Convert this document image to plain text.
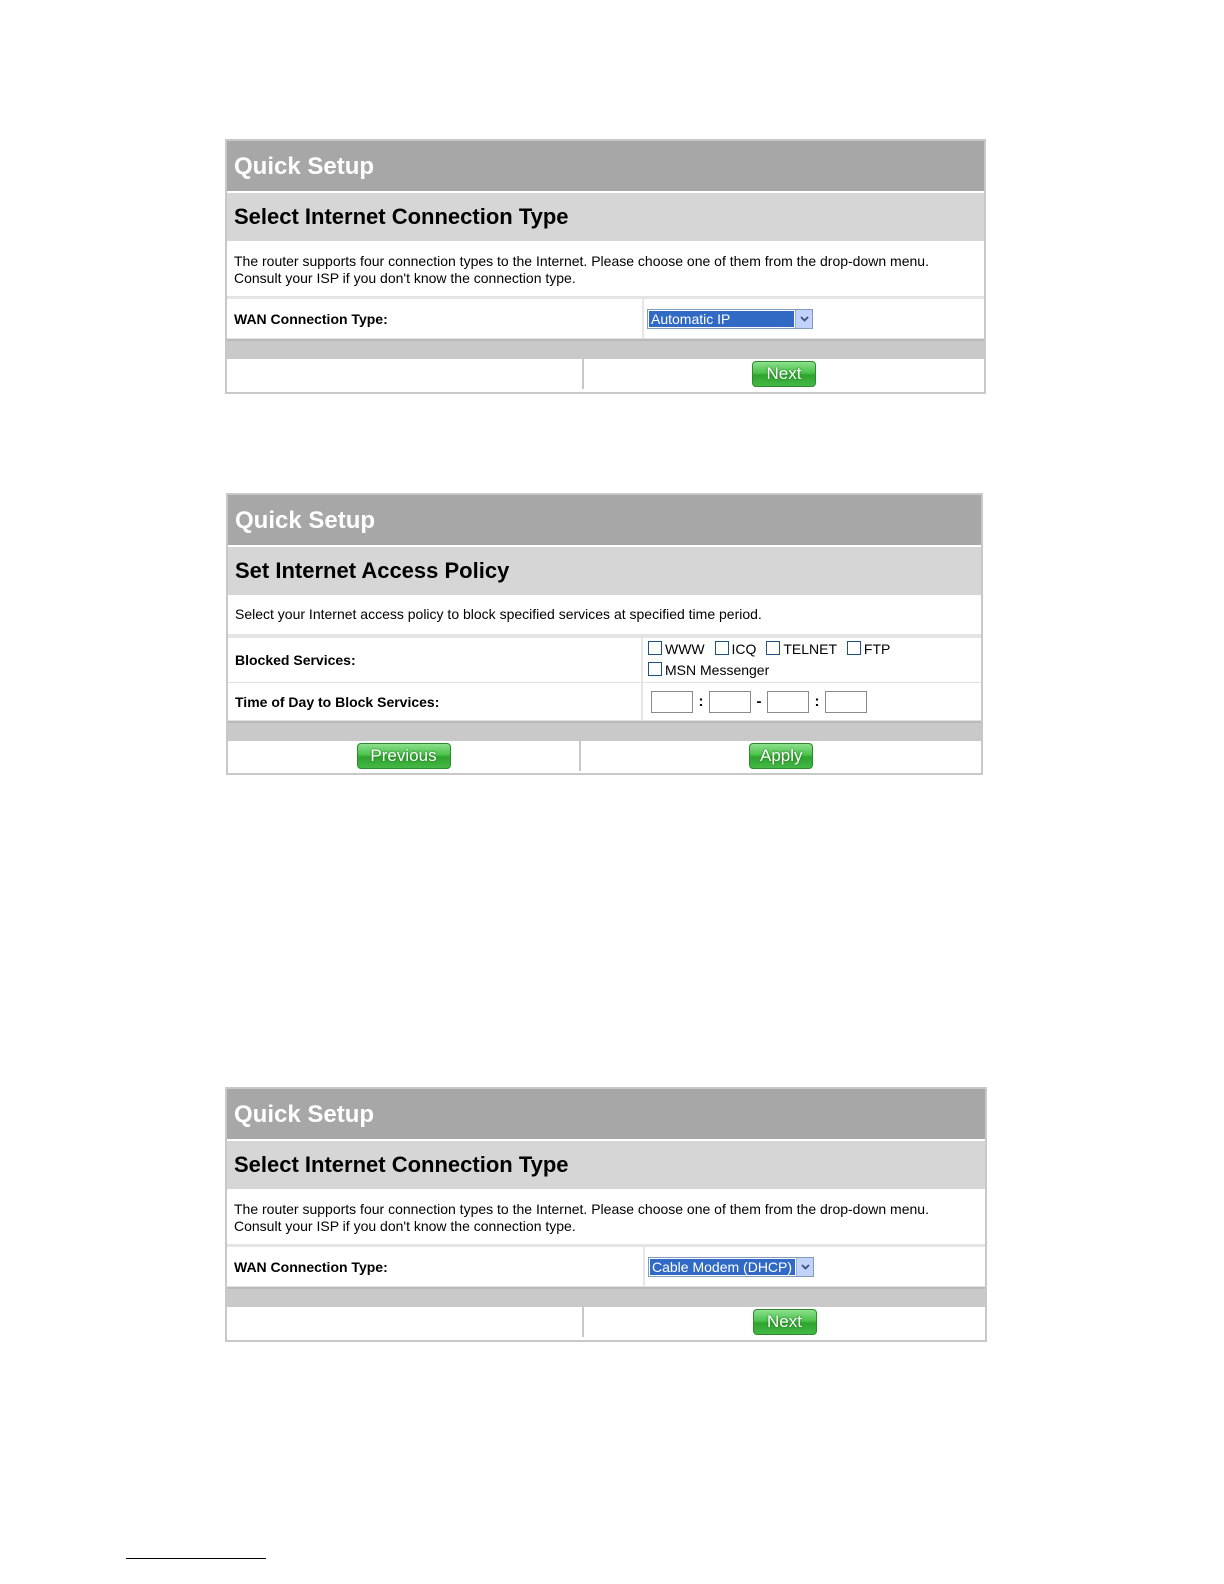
Quick Setup
Select Internet Connection Type
The router supports four connection types to the Internet. Please choose one of them from the drop-down menu. Consult your ISP if you don't know the connection type.
WAN Connection Type:	Automatic IP
Next
Quick Setup
Set Internet Access Policy
Select your Internet access policy to block specified services at specified time period.
Blocked Services:
WWW ICQ TELNET FTP
MSN Messenger
Time of Day to Block Services:	:	-	:
Previous	Apply
Quick Setup
Select Internet Connection Type
The router supports four connection types to the Internet. Please choose one of them from the drop-down menu. Consult your ISP if you don't know the connection type.
WAN Connection Type:	Cable Modem (DHCP)
Next
